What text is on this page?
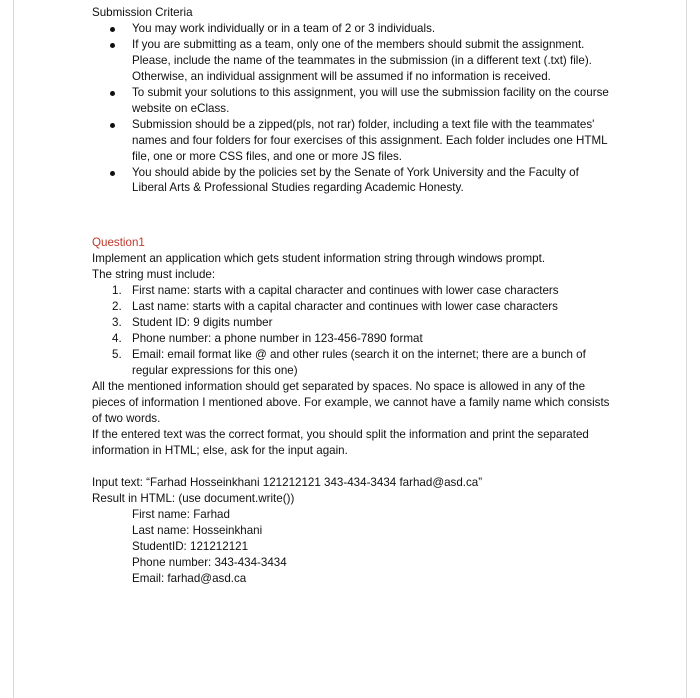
Submission Criteria

You may work individually or in a team of 2 or 3 individuals.
If you are submitting as a team, only one of the members should submit the assignment. Please, include the name of the teammates in the submission (in a different text (.txt) file). Otherwise, an individual assignment will be assumed if no information is received.
To submit your solutions to this assignment, you will use the submission facility on the course website on eClass.
Submission should be a zipped(pls, not rar) folder, including a text file with the teammates' names and four folders for four exercises of this assignment. Each folder includes one HTML file, one or more CSS files, and one or more JS files.
You should abide by the policies set by the Senate of York University and the Faculty of Liberal Arts & Professional Studies regarding Academic Honesty.

Question1

Implement an application which gets student information string through windows prompt.

The string must include:

1. First name: starts with a capital character and continues with lower case characters
2. Last name: starts with a capital character and continues with lower case characters
3. Student ID: 9 digits number
4. Phone number: a phone number in 123-456-7890 format
5. Email: email format like @ and other rules (search it on the internet; there are a bunch of regular expressions for this one)

All the mentioned information should get separated by spaces. No space is allowed in any of the pieces of information I mentioned above. For example, we cannot have a family name which consists of two words.

If the entered text was the correct format, you should split the information and print the separated information in HTML; else, ask for the input again.

Input text: “Farhad Hosseinkhani 121212121 343-434-3434 farhad@asd.ca”

Result in HTML: (use document.write())

First name: Farhad

Last name: Hosseinkhani

StudentID: 121212121

Phone number: 343-434-3434

Email: farhad@asd.ca
